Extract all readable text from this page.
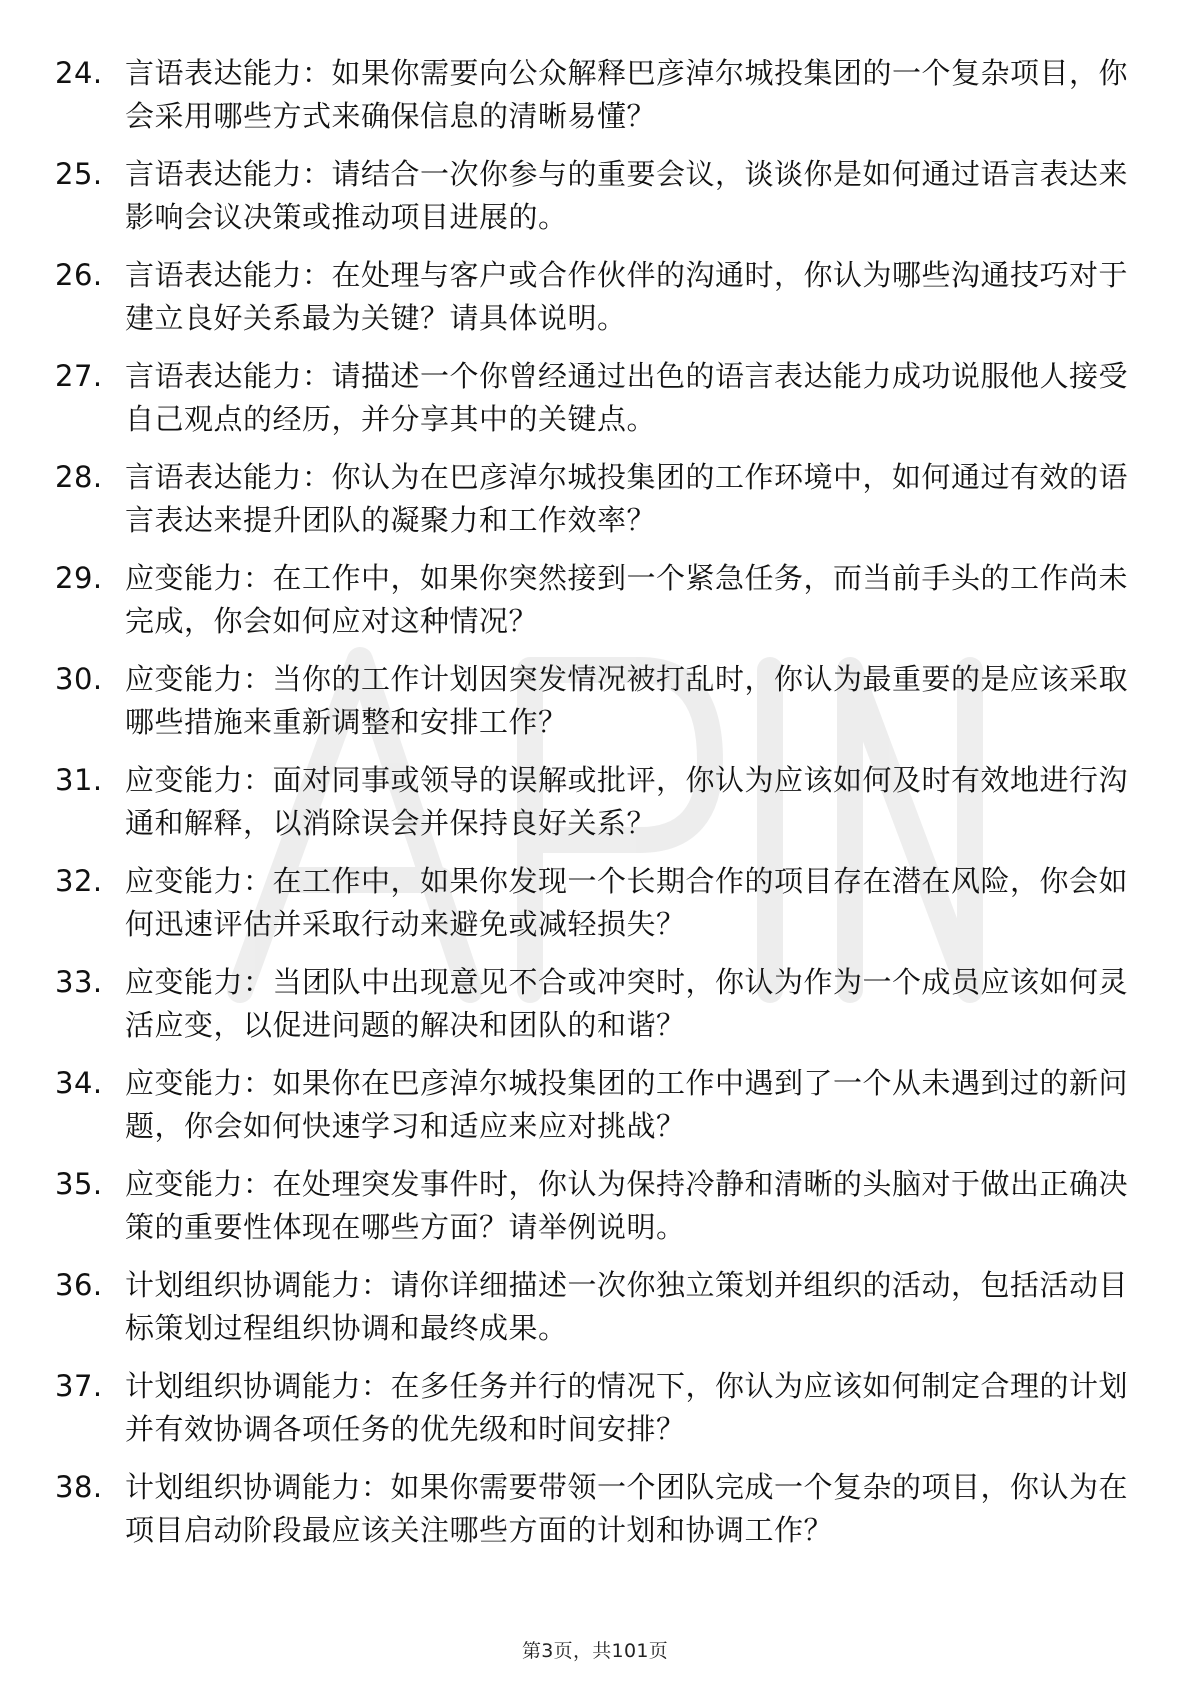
24. 言语表达能力：如果你需要向公众解释巴彦淖尔城投集团的一个复杂项目，你会采用哪些方式来确保信息的清晰易懂？
25. 言语表达能力：请结合一次你参与的重要会议，谈谈你是如何通过语言表达来影响会议决策或推动项目进展的。
26. 言语表达能力：在处理与客户或合作伙伴的沟通时，你认为哪些沟通技巧对于建立良好关系最为关键？请具体说明。
27. 言语表达能力：请描述一个你曾经通过出色的语言表达能力成功说服他人接受自己观点的经历，并分享其中的关键点。
28. 言语表达能力：你认为在巴彦淖尔城投集团的工作环境中，如何通过有效的语言表达来提升团队的凝聚力和工作效率？
29. 应变能力：在工作中，如果你突然接到一个紧急任务，而当前手头的工作尚未完成，你会如何应对这种情况？
30. 应变能力：当你的工作计划因突发情况被打乱时，你认为最重要的是应该采取哪些措施来重新调整和安排工作？
31. 应变能力：面对同事或领导的误解或批评，你认为应该如何及时有效地进行沟通和解释，以消除误会并保持良好关系？
32. 应变能力：在工作中，如果你发现一个长期合作的项目存在潜在风险，你会如何迅速评估并采取行动来避免或减轻损失？
33. 应变能力：当团队中出现意见不合或冲突时，你认为作为一个成员应该如何灵活应变，以促进问题的解决和团队的和谐？
34. 应变能力：如果你在巴彦淖尔城投集团的工作中遇到了一个从未遇到过的新问题，你会如何快速学习和适应来应对挑战？
35. 应变能力：在处理突发事件时，你认为保持冷静和清晰的头脑对于做出正确决策的重要性体现在哪些方面？请举例说明。
36. 计划组织协调能力：请你详细描述一次你独立策划并组织的活动，包括活动目标策划过程组织协调和最终成果。
37. 计划组织协调能力：在多任务并行的情况下，你认为应该如何制定合理的计划并有效协调各项任务的优先级和时间安排？
38. 计划组织协调能力：如果你需要带领一个团队完成一个复杂的项目，你认为在项目启动阶段最应该关注哪些方面的计划和协调工作？
第3页，共101页
